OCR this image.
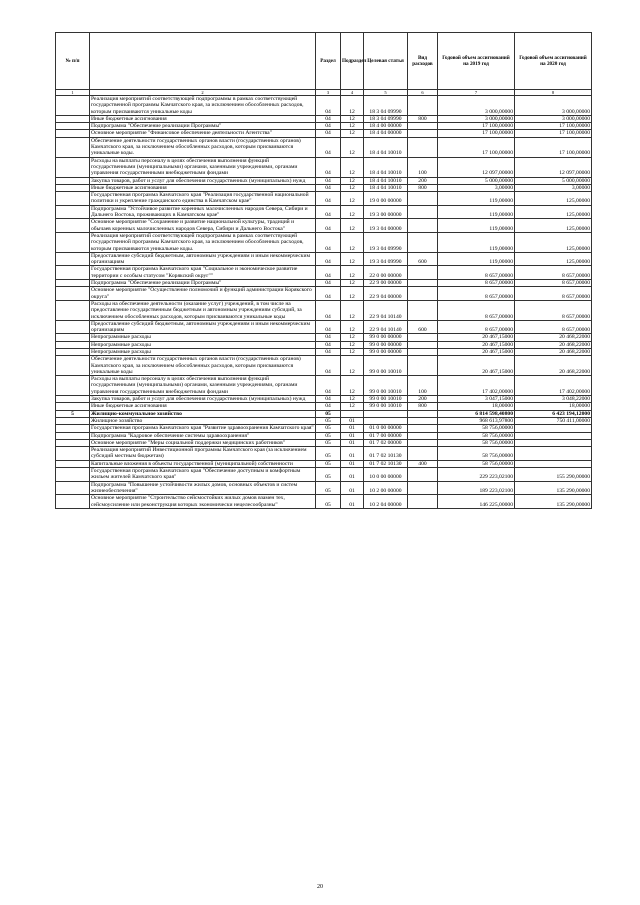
№ п/п		Раздел	Подраздел	Целевая статья	Вид расходов	Годовой объем ассигнований на 2019 год	Годовой объем ассигнований на 2020 год
1	2	3	4	5	6	7	8
	Реализация мероприятий соответствующей подпрограммы в рамках соответствующей государственной программы Камчатского края, за исключением обособленных расходов, которым присваиваются уникальные коды	04	12	18 3 04 09990		3 000,00000	3 000,00000
	Иные бюджетные ассигнования	04	12	18 3 04 09990	800	3 000,00000	3 000,00000
	Подпрограмма "Обеспечение реализации Программы"	04	12	18 4 00 00000		17 100,00000	17 100,00000
	Основное мероприятие "Финансовое обеспечение деятельности Агентства"	04	12	18 4 04 00000		17 100,00000	17 100,00000
	Обеспечение деятельности государственных органов власти (государственных органов) Камчатского края, за исключением обособленных расходов, которым присваиваются уникальные коды.	04	12	18 4 04 10010		17 100,00000	17 100,00000
	Расходы на выплаты персоналу в целях обеспечения выполнения функций государственными (муниципальными) органами, казенными учреждениями, органами управления государственными внебюджетными фондами	04	12	18 4 04 10010	100	12 097,00000	12 097,00000
	Закупка товаров, работ и услуг для обеспечения государственных (муниципальных) нужд	04	12	18 4 04 10010	200	5 000,00000	5 000,00000
	Иные бюджетные ассигнования	04	12	18 4 04 10010	800	3,00000	3,00000
	Государственная программа Камчатского края "Реализация государственной национальной политики и укрепление гражданского единства в Камчатском крае"	04	12	19 0 00 00000		119,00000	125,00000
	Подпрограмма "Устойчивое развитие коренных малочисленных народов Севера, Сибири и Дальнего Востока, проживающих в Камчатском крае"	04	12	19 3 00 00000		119,00000	125,00000
	Основное мероприятие "Сохранение и развитие национальной культуры, традиций и обычаев коренных малочисленных народов Севера, Сибири и Дальнего Востока"	04	12	19 3 04 00000		119,00000	125,00000
	Реализация мероприятий соответствующей подпрограммы в рамках соответствующей государственной программы Камчатского края, за исключением обособленных расходов, которым присваиваются уникальные коды.	04	12	19 3 04 09990		119,00000	125,00000
	Предоставление субсидий бюджетным, автономным учреждениям и иным некоммерческим организациям	04	12	19 3 04 09990	600	119,00000	125,00000
	Государственная программа Камчатского края "Социальное и экономическое развитие территории с особым статусом "Корякский округ""	04	12	22 0 00 00000		8 657,00000	8 657,00000
	Подпрограмма "Обеспечение реализации Программы"	04	12	22 9 00 00000		8 657,00000	8 657,00000
	Основное мероприятие "Осуществление полномочий и функций администрации Корякского округа"	04	12	22 9 04 00000		8 657,00000	8 657,00000
	Расходы на обеспечение деятельности (оказание услуг) учреждений, в том числе на предоставление государственным бюджетным и автономным учреждениям субсидий, за исключением обособленных расходов, которым присваиваются уникальные коды	04	12	22 9 04 10140		8 657,00000	8 657,00000
	Предоставление субсидий бюджетным, автономным учреждениям и иным некоммерческим организациям	04	12	22 9 04 10140	600	8 657,00000	8 657,00000
	Непрограммные расходы	04	12	99 0 00 00000		20 467,15000	20 468,22000
	Непрограммные расходы	04	12	99 0 00 00000		20 467,15000	20 468,22000
	Непрограммные расходы	04	12	99 0 00 00000		20 467,15000	20 468,22000
	Обеспечение деятельности государственных органов власти (государственных органов) Камчатского края, за исключением обособленных расходов, которым присваиваются уникальные коды	04	12	99 0 00 10010		20 467,15000	20 468,22000
	Расходы на выплаты персоналу в целях обеспечения выполнения функций государственными (муниципальными) органами, казенными учреждениями, органами управления государственными внебюджетными фондами	04	12	99 0 00 10010	100	17 402,00000	17 402,00000
	Закупка товаров, работ и услуг для обеспечения государственных (муниципальных) нужд	04	12	99 0 00 10010	200	3 047,15000	3 048,22000
	Иные бюджетные ассигнования	04	12	99 0 00 10010	800	18,00000	18,00000
5	Жилищно-коммунальное хозяйство	05				6 814 598,40800	6 423 194,12000
	Жилищное хозяйство	05	01			968 613,97800	750 411,00000
	Государственная программа Камчатского края "Развитие здравоохранения Камчатского края"	05	01	01 0 00 00000		58 756,00000	
	Подпрограмма "Кадровое обеспечение системы здравоохранения"	05	01	01 7 00 00000		58 756,00000	
	Основное мероприятие "Меры социальной поддержки медицинских работников"	05	01	01 7 02 00000		58 756,00000	
	Реализация мероприятий Инвестиционной программы Камчатского края (за исключением субсидий местным бюджетам)	05	01	01 7 02 10130		58 756,00000	
	Капитальные вложения в объекты государственной (муниципальной) собственности	05	01	01 7 02 10130	400	58 756,00000	
	Государственная программа Камчатского края "Обеспечение доступным и комфортным жильем жителей Камчатского края"	05	01	10 0 00 00000		229 223,02100	155 290,00000
	Подпрограмма "Повышение устойчивости жилых домов, основных объектов и систем жизнеобеспечения"	05	01	10 2 00 00000		189 223,02100	135 290,00000
	Основное мероприятие "Строительство сейсмостойких жилых домов взамен тех, сейсмоусиление или реконструкция которых экономически нецелесообразны"	05	01	10 2 04 00000		146 225,00000	135 290,00000
20
